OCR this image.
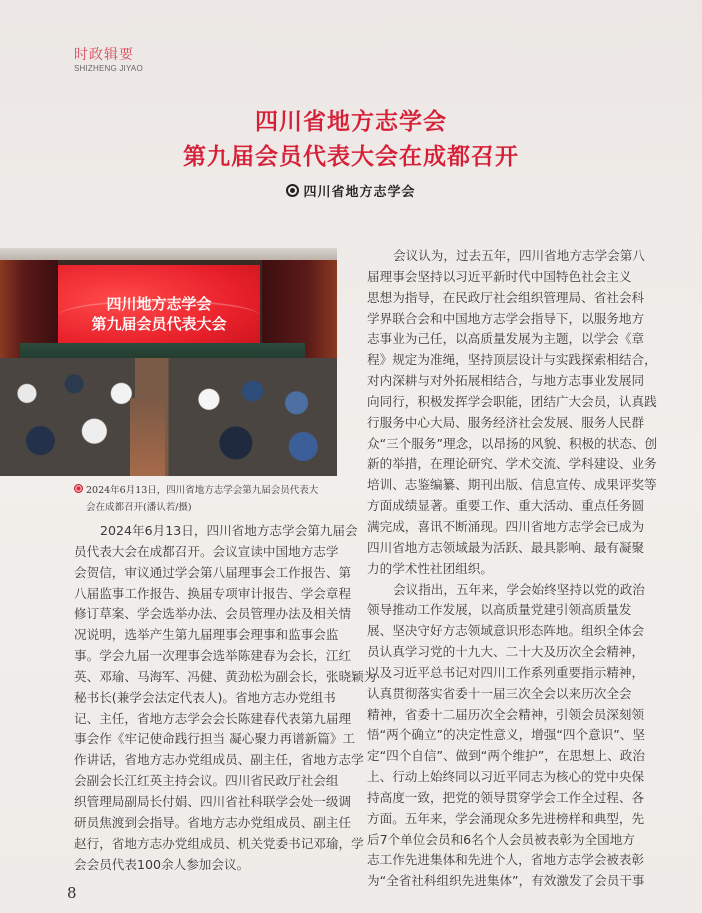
时政辑要
SHIZHENG JIYAO
四川省地方志学会
第九届会员代表大会在成都召开
四川省地方志学会
四川地方志学会
第九届会员代表大会
2024年6月13日，四川省地方志学会第九届会员代表大
会在成都召开(潘认若/摄)
2024年6月13日，四川省地方志学会第九届会
员代表大会在成都召开。会议宣读中国地方志学
会贺信，审议通过学会第八届理事会工作报告、第
八届监事工作报告、换届专项审计报告、学会章程
修订草案、学会选举办法、会员管理办法及相关情
况说明，选举产生第九届理事会理事和监事会监
事。学会九届一次理事会选举陈建春为会长，江红
英、邓瑜、马海军、冯健、黄劲松为副会长，张晓颖为
秘书长(兼学会法定代表人)。省地方志办党组书
记、主任，省地方志学会会长陈建春代表第九届理
事会作《牢记使命践行担当 凝心聚力再谱新篇》工
作讲话，省地方志办党组成员、副主任，省地方志学
会副会长江红英主持会议。四川省民政厅社会组
织管理局副局长付娟、四川省社科联学会处一级调
研员焦渡到会指导。省地方志办党组成员、副主任
赵行，省地方志办党组成员、机关党委书记邓瑜，学
会会员代表100余人参加会议。
会议认为，过去五年，四川省地方志学会第八
届理事会坚持以习近平新时代中国特色社会主义
思想为指导，在民政厅社会组织管理局、省社会科
学界联合会和中国地方志学会指导下，以服务地方
志事业为己任，以高质量发展为主题，以学会《章
程》规定为准绳，坚持顶层设计与实践探索相结合，
对内深耕与对外拓展相结合，与地方志事业发展同
向同行，积极发挥学会职能，团结广大会员，认真践
行服务中心大局、服务经济社会发展、服务人民群
众“三个服务”理念，以昂扬的风貌、积极的状态、创
新的举措，在理论研究、学术交流、学科建设、业务
培训、志鉴编纂、期刊出版、信息宣传、成果评奖等
方面成绩显著。重要工作、重大活动、重点任务圆
满完成，喜讯不断涌现。四川省地方志学会已成为
四川省地方志领域最为活跃、最具影响、最有凝聚
力的学术性社团组织。
会议指出，五年来，学会始终坚持以党的政治
领导推动工作发展，以高质量党建引领高质量发
展、坚决守好方志领域意识形态阵地。组织全体会
员认真学习党的十九大、二十大及历次全会精神，
以及习近平总书记对四川工作系列重要指示精神，
认真贯彻落实省委十一届三次全会以来历次全会
精神，省委十二届历次全会精神，引领会员深刻领
悟“两个确立”的决定性意义，增强“四个意识”、坚
定“四个自信”、做到“两个维护”，在思想上、政治
上、行动上始终同以习近平同志为核心的党中央保
持高度一致，把党的领导贯穿学会工作全过程、各
方面。五年来，学会涌现众多先进榜样和典型，先
后7个单位会员和6名个人会员被表彰为全国地方
志工作先进集体和先进个人，省地方志学会被表彰
为“全省社科组织先进集体”，有效激发了会员干事
8
